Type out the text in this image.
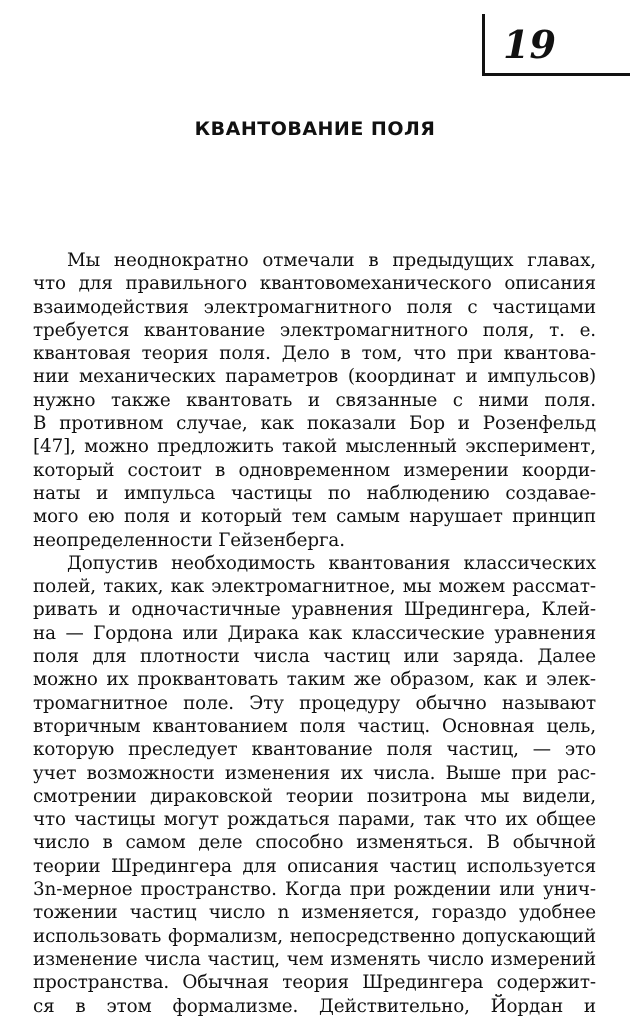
19
КВАНТОВАНИЕ ПОЛЯ
Мы неоднократно отмечали в предыдущих главах,
что для правильного квантовомеханического описания
взаимодействия электромагнитного поля с частицами
требуется квантование электромагнитного поля, т. е.
квантовая теория поля. Дело в том, что при квантова-
нии механических параметров (координат и импульсов)
нужно также квантовать и связанные с ними поля.
В противном случае, как показали Бор и Розенфельд
[47], можно предложить такой мысленный эксперимент,
который состоит в одновременном измерении коорди-
наты и импульса частицы по наблюдению создавае-
мого ею поля и который тем самым нарушает принцип
неопределенности Гейзенберга.
Допустив необходимость квантования классических
полей, таких, как электромагнитное, мы можем рассмат-
ривать и одночастичные уравнения Шредингера, Клей-
на — Гордона или Дирака как классические уравнения
поля для плотности числа частиц или заряда. Далее
можно их проквантовать таким же образом, как и элек-
тромагнитное поле. Эту процедуру обычно называют
вторичным квантованием поля частиц. Основная цель,
которую преследует квантование поля частиц, — это
учет возможности изменения их числа. Выше при рас-
смотрении дираковской теории позитрона мы видели,
что частицы могут рождаться парами, так что их общее
число в самом деле способно изменяться. В обычной
теории Шредингера для описания частиц используется
3n-мерное пространство. Когда при рождении или унич-
тожении частиц число n изменяется, гораздо удобнее
использовать формализм, непосредственно допускающий
изменение числа частиц, чем изменять число измерений
пространства. Обычная теория Шредингера содержит-
ся в этом формализме. Действительно, Йордан и
